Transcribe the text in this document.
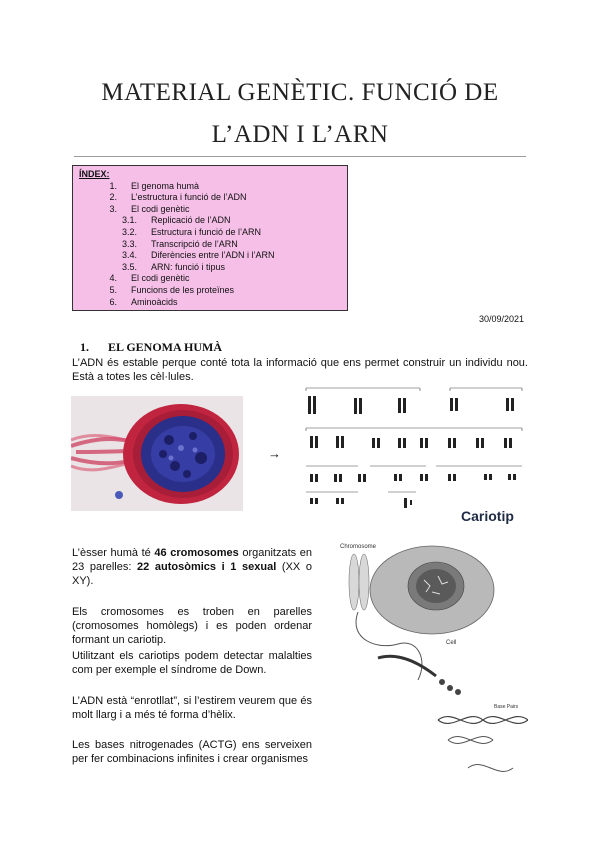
MATERIAL GENÈTIC. FUNCIÓ DE
L’ADN I L’ARN
ÍNDEX:
1.	El genoma humà
2.	L’estructura i funció de l’ADN
3.	El codi genètic
3.1.	Replicació de l’ADN
3.2.	Estructura i funció de l’ARN
3.3.	Transcripció de l’ARN
3.4.	Diferències entre l’ADN i l’ARN
3.5.	ARN: funció i tipus
4.	El codi genètic
5.	Funcions de les proteïnes
6.	Aminoàcids
30/09/2021
1.	EL GENOMA HUMÀ
L’ADN és estable perque conté tota la informació que ens permet construir un individu nou. Està a totes les cèl·lules.
→
Cariotip
L’èsser humà té 46 cromosomes organitzats en 23 parelles: 22 autosòmics i 1 sexual (XX o XY).
Els cromosomes es troben en parelles (cromosomes homòlegs) i es poden ordenar formant un cariotip.
Utilitzant els cariotips podem detectar malalties com per exemple el síndrome de Down.
L’ADN està “enrotllat”, si l’estirem veurem que és molt llarg i a més té forma d’hèlix.
Les bases nitrogenades (ACTG) ens serveixen per fer combinacions infinites i crear organismes
Chromosome
Cell
Base Pairs
